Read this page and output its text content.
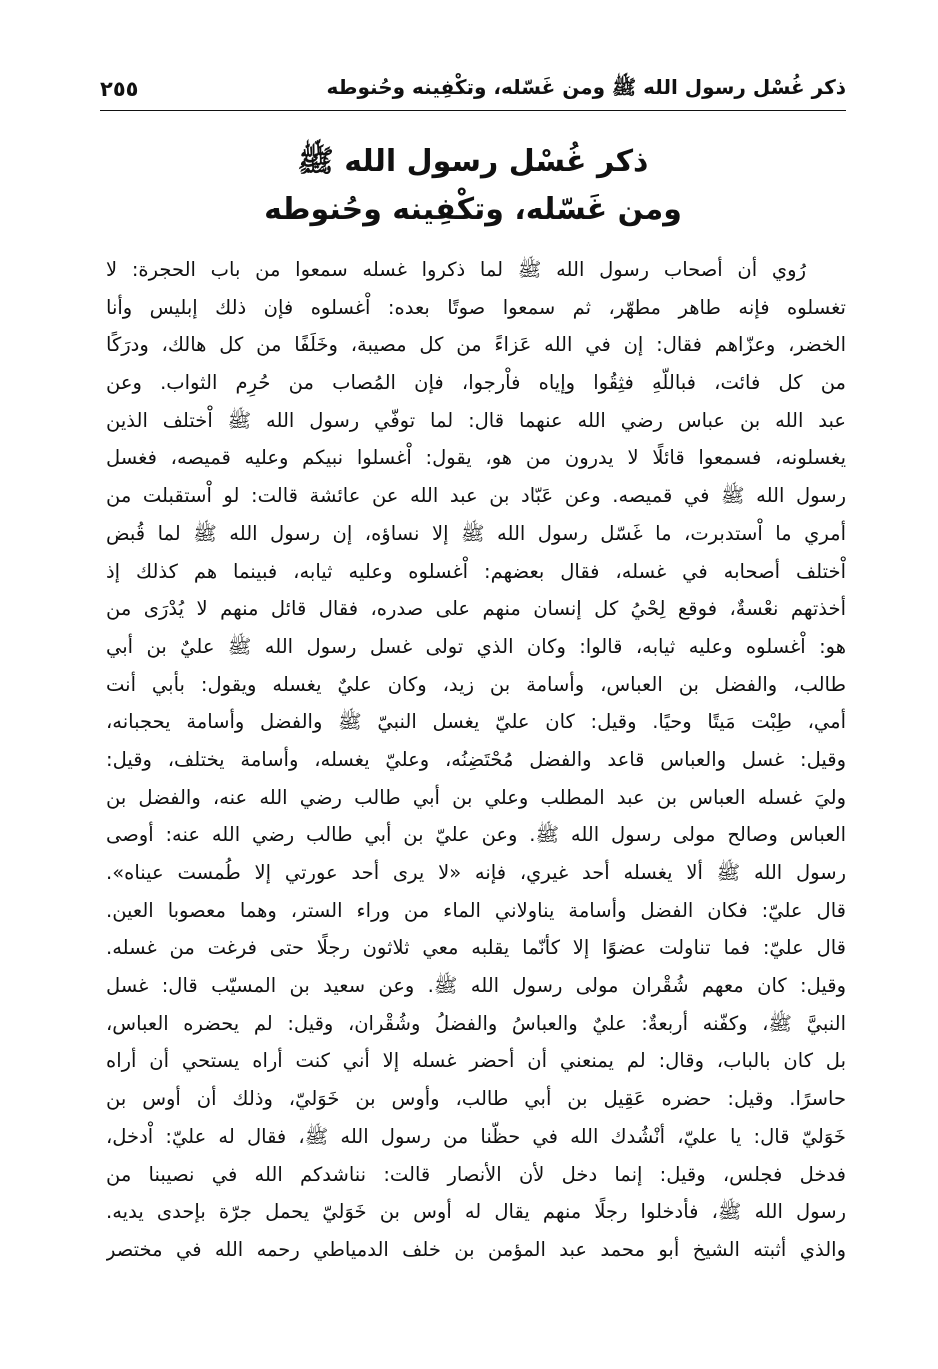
ذكر غُسْل رسول الله ﷺ ومن غَسّله، وتكْفِينه وحُنوطه
٢٥٥
ذكر غُسْل رسول الله ﷺ
ومن غَسّله، وتكْفِينه وحُنوطه
رُوي أن أصحاب رسول الله ﷺ لما ذكروا غسله سمعوا من باب الحجرة: لا
تغسلوه فإنه طاهر مطهّر، ثم سمعوا صوتًا بعده: اْغسلوه فإن ذلك إبليس وأنا
الخضر، وعزّاهم فقال: إن في الله عَزاءً من كل مصيبة، وخَلَفًا من كل هالك، ودرَكًا
من كل فائت، فباللّهِ فثِقُوا وإياه فاْرجوا، فإن المُصاب من حُرِم الثواب. وعن
عبد الله بن عباس رضي الله عنهما قال: لما توفّي رسول الله ﷺ اْختلف الذين
يغسلونه، فسمعوا قائلًا لا يدرون من هو، يقول: اْغسلوا نبيكم وعليه قميصه، فغسل
رسول الله ﷺ في قميصه. وعن عَبّاد بن عبد الله عن عائشة قالت: لو اْستقبلت من
أمري ما اْستدبرت، ما غَسّل رسول الله ﷺ إلا نساؤه، إن رسول الله ﷺ لما قُبض
اْختلف أصحابه في غسله، فقال بعضهم: اْغسلوه وعليه ثيابه، فبينما هم كذلك إذ
أخذتهم نعْسةٌ، فوقع لِحْيُ كل إنسان منهم على صدره، فقال قائل منهم لا يُدْرَى من
هو: اْغسلوه وعليه ثيابه، قالوا: وكان الذي تولى غسل رسول الله ﷺ عليٌ بن أبي
طالب، والفضل بن العباس، وأسامة بن زيد، وكان عليٌ يغسله ويقول: بأبي أنت
أمي، طِبْت مَيتًا وحيًا. وقيل: كان عليّ يغسل النبيّ ﷺ والفضل وأسامة يحجبانه،
وقيل: غسل والعباس قاعد والفضل مُحْتَضِنُه، وعليّ يغسله، وأسامة يختلف، وقيل:
وليَ غسله العباس بن عبد المطلب وعلي بن أبي طالب رضي الله عنه، والفضل بن
العباس وصالح مولى رسول الله ﷺ. وعن عليّ بن أبي طالب رضي الله عنه: أوصى
رسول الله ﷺ ألا يغسله أحد غيري، فإنه «لا يرى أحد عورتي إلا طُمست عيناه».
قال عليّ: فكان الفضل وأسامة يناولاني الماء من وراء الستر، وهما معصوبا العين.
قال عليّ: فما تناولت عضوًا إلا كأنّما يقلبه معي ثلاثون رجلًا حتى فرغت من غسله.
وقيل: كان معهم شُقْران مولى رسول الله ﷺ. وعن سعيد بن المسيّب قال: غسل
النبيَّ ﷺ، وكفّنه أربعةٌ: عليٌ والعباسُ والفضلُ وشُقْران، وقيل: لم يحضره العباس،
بل كان بالباب، وقال: لم يمنعني أن أحضر غسله إلا أني كنت أراه يستحي أن أراه
حاسرًا. وقيل: حضره عَقِيل بن أبي طالب، وأوس بن خَوَليّ، وذلك أن أوس بن
خَوَليّ قال: يا عليّ، أنْشُدك الله في حظّنا من رسول الله ﷺ، فقال له عليّ: اْدخل،
فدخل فجلس، وقيل: إنما دخل لأن الأنصار قالت: نناشدكم الله في نصيبنا من
رسول الله ﷺ، فأدخلوا رجلًا منهم يقال له أوس بن خَوَليّ يحمل جرّة بإحدى يديه.
والذي أثبته الشيخ أبو محمد عبد المؤمن بن خلف الدمياطي رحمه الله في مختصر
